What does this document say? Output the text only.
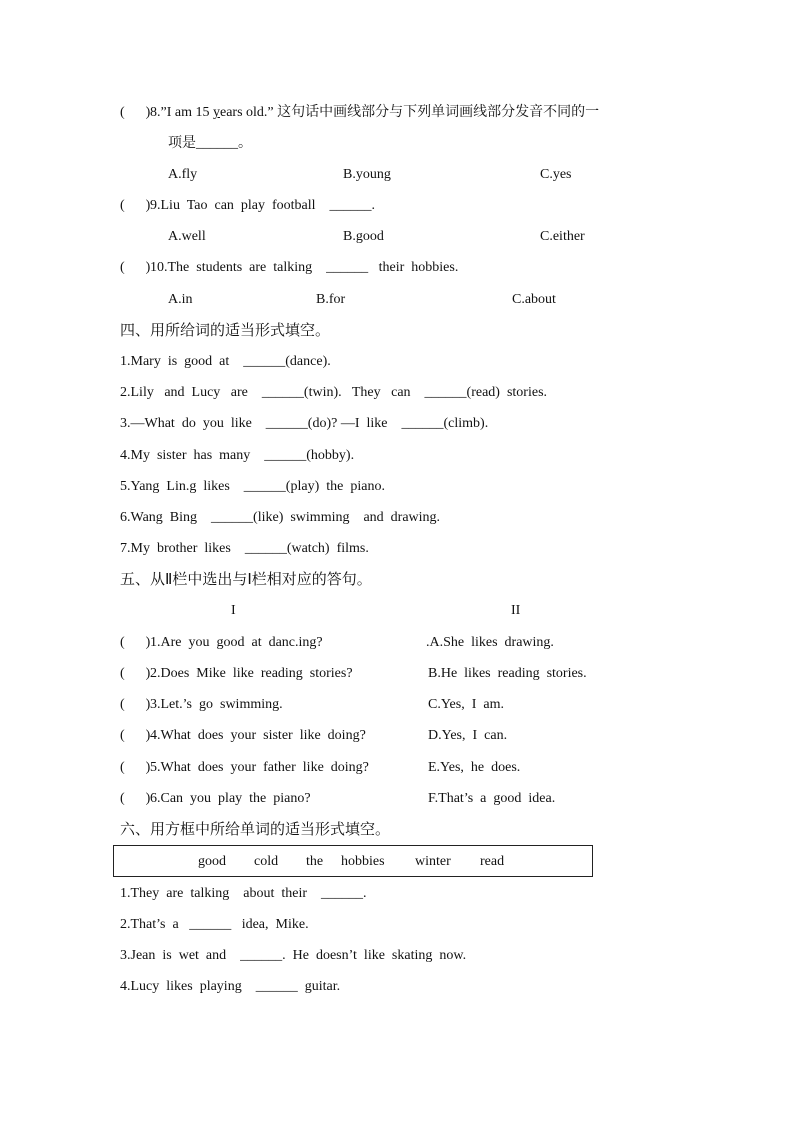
(      ) 8.”I am 15 years old.” 这句话中画线部分与下列单词画线部分发音不同的一
项是______。
A.fly	B.young	C.yes
(      ) 9.Liu  Tao  can  play  football    ______.
A.well	B.good	C.either
(      ) 10.The  students  are  talking    ______   their  hobbies.
A.in	B.for	C.about
四、用所给词的适当形式填空。
1.Mary  is  good  at    ______(dance).
2.Lily   and  Lucy   are    ______(twin).   They   can    ______(read)  stories.
3.—What  do  you  like    ______(do)? —I  like    ______(climb).
4.My  sister  has  many    ______(hobby).
5.Yang  Lin.g  likes    ______(play)  the  piano.
6.Wang  Bing    ______(like)  swimming    and  drawing.
7.My  brother  likes    ______(watch)  films.
五、从Ⅱ栏中选出与Ⅰ栏相对应的答句。
I	II
(      ) 1.Are  you  good  at  danc.ing?	.A.She  likes  drawing.
(      ) 2.Does  Mike  like  reading  stories?	B.He  likes  reading  stories.
(      ) 3.Let.’s  go  swimming.	C.Yes,  I  am.
(      ) 4.What  does  your  sister  like  doing?	D.Yes,  I  can.
(      ) 5.What  does  your  father  like  doing?	E.Yes,  he  does.
(      ) 6.Can  you  play  the  piano?	F.That’s  a  good  idea.
六、用方框中所给单词的适当形式填空。
good cold the hobbies winter read
1.They  are  talking    about  their    ______.
2.That’s  a   ______   idea,  Mike.
3.Jean  is  wet  and    ______.  He  doesn’t  like  skating  now.
4.Lucy  likes  playing    ______  guitar.
